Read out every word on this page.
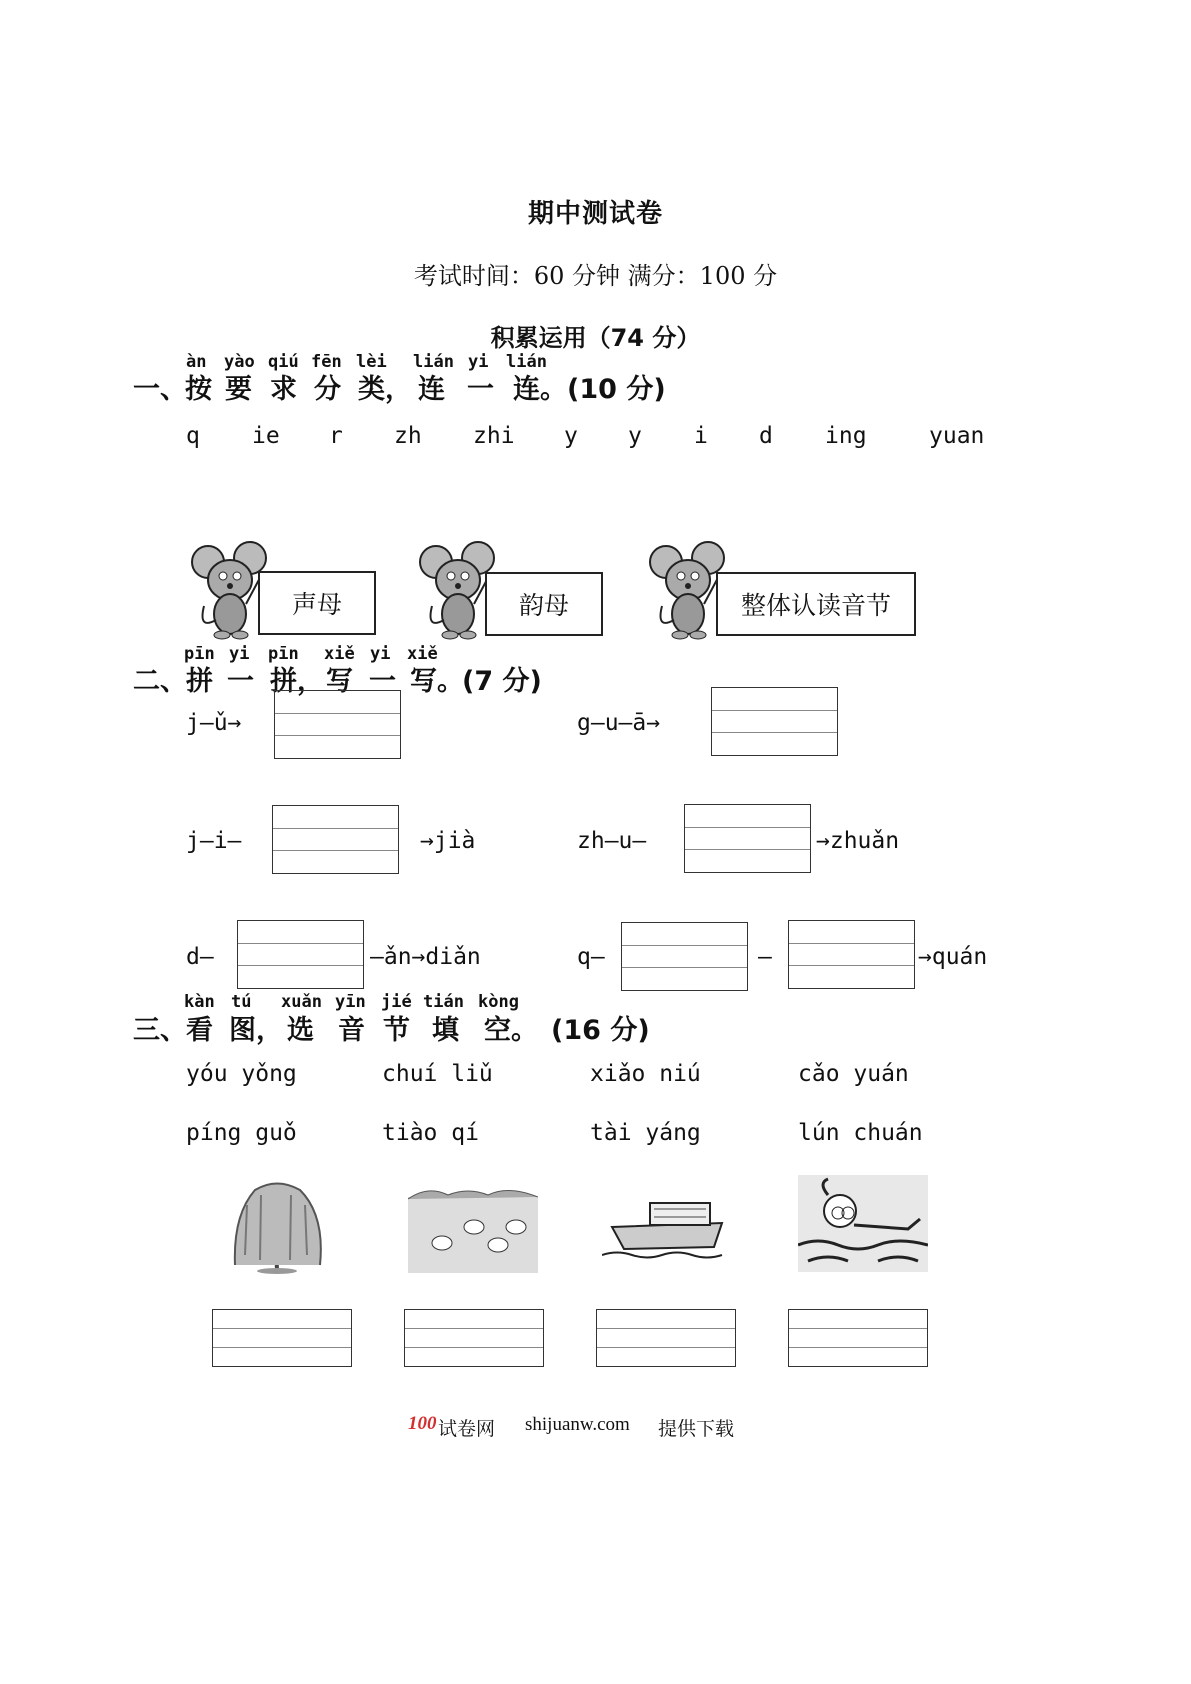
期中测试卷
考试时间：60 分钟 满分：100 分
积累运用（74 分）
一、
àn yào qiú fēn lèi lián yi lián
按 要 求 分 类， 连 一 连。 (10 分)
q ie r zh zhi y y i d ing	yuan
声母	韵母	整体认读音节
pīn yi pīn xiě yi xiě
二、 拼 一 拼， 写 一 写。
(7 分)
j—ǔ→	g—u—ā→
j—i—	→jià	zh—u—	→zhuǎn
d—	—ǎn→diǎn	q—	—	→quán
kàn tú xuǎn yīn jié tián kòng
三、 看 图， 选 音 节 填 空。 (16 分)
yóu yǒng	chuí liǔ	xiǎo niú	cǎo yuán
píng guǒ	tiào qí	tài yáng	lún chuán
100 试卷网 shijuanw.com 提供下载
